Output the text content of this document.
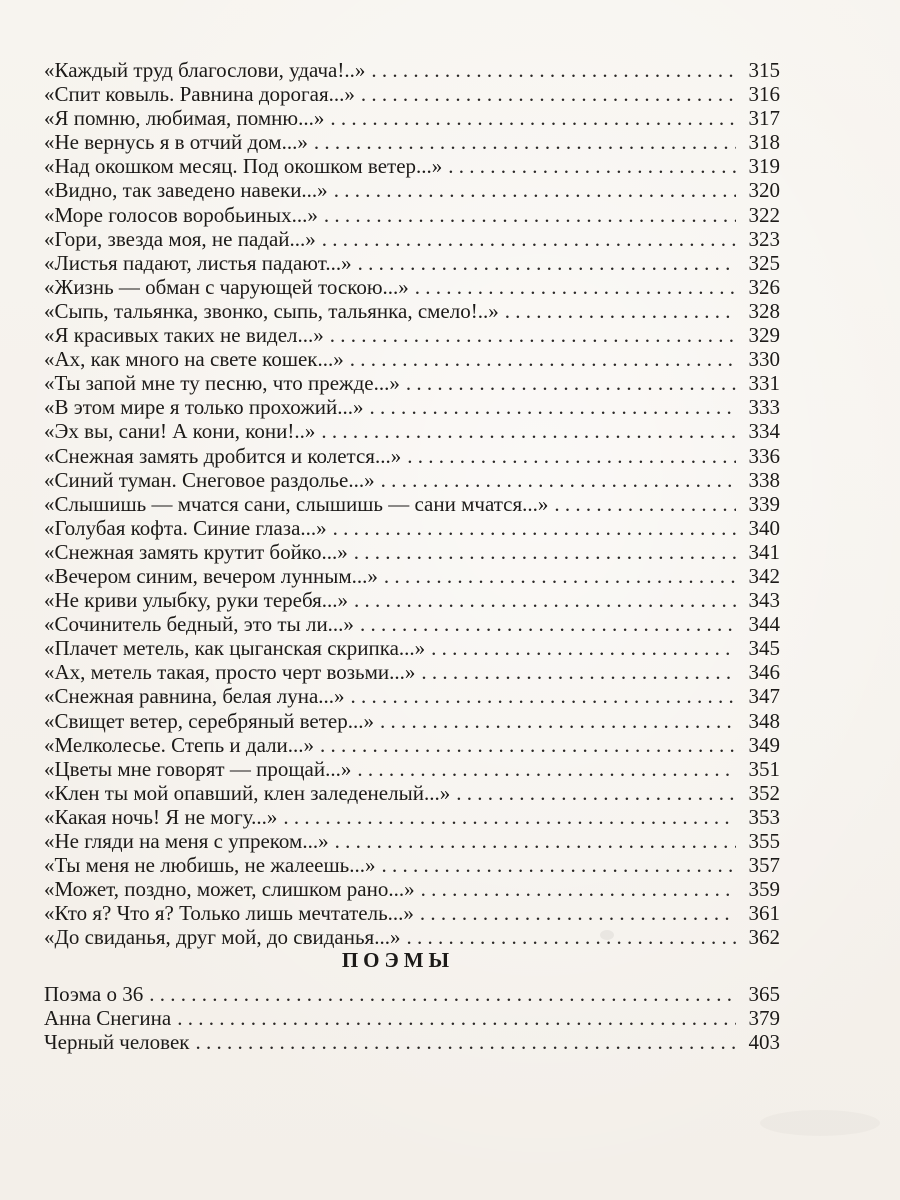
«Каждый труд благослови, удача!..» . . .	315
«Спит ковыль. Равнина дорогая...» . . .	316
«Я помню, любимая, помню...» . . .	317
«Не вернусь я в отчий дом...» . . .	318
«Над окошком месяц. Под окошком ветер...» . . .	319
«Видно, так заведено навеки...» . . .	320
«Море голосов воробьиных...» . . .	322
«Гори, звезда моя, не падай...» . . .	323
«Листья падают, листья падают...» . . .	325
«Жизнь — обман с чарующей тоскою...» . . .	326
«Сыпь, тальянка, звонко, сыпь, тальянка, смело!..» . . .	328
«Я красивых таких не видел...» . . .	329
«Ах, как много на свете кошек...» . . .	330
«Ты запой мне ту песню, что прежде...» . . .	331
«В этом мире я только прохожий...» . . .	333
«Эх вы, сани! А кони, кони!..» . . .	334
«Снежная замять дробится и колется...» . . .	336
«Синий туман. Снеговое раздолье...» . . .	338
«Слышишь — мчатся сани, слышишь — сани мчатся...» . . .	339
«Голубая кофта. Синие глаза...» . . .	340
«Снежная замять крутит бойко...» . . .	341
«Вечером синим, вечером лунным...» . . .	342
«Не криви улыбку, руки теребя...» . . .	343
«Сочинитель бедный, это ты ли...» . . .	344
«Плачет метель, как цыганская скрипка...» . . .	345
«Ах, метель такая, просто черт возьми...» . . .	346
«Снежная равнина, белая луна...» . . .	347
«Свищет ветер, серебряный ветер...» . . .	348
«Мелколесье. Степь и дали...» . . .	349
«Цветы мне говорят — прощай...» . . .	351
«Клен ты мой опавший, клен заледенелый...» . . .	352
«Какая ночь! Я не могу...» . . .	353
«Не гляди на меня с упреком...» . . .	355
«Ты меня не любишь, не жалеешь...» . . .	357
«Может, поздно, может, слишком рано...» . . .	359
«Кто я? Что я? Только лишь мечтатель...» . . .	361
«До свиданья, друг мой, до свиданья...» . . .	362
ПОЭМЫ
Поэма о 36 . . .	365
Анна Снегина . . .	379
Черный человек . . .	403
